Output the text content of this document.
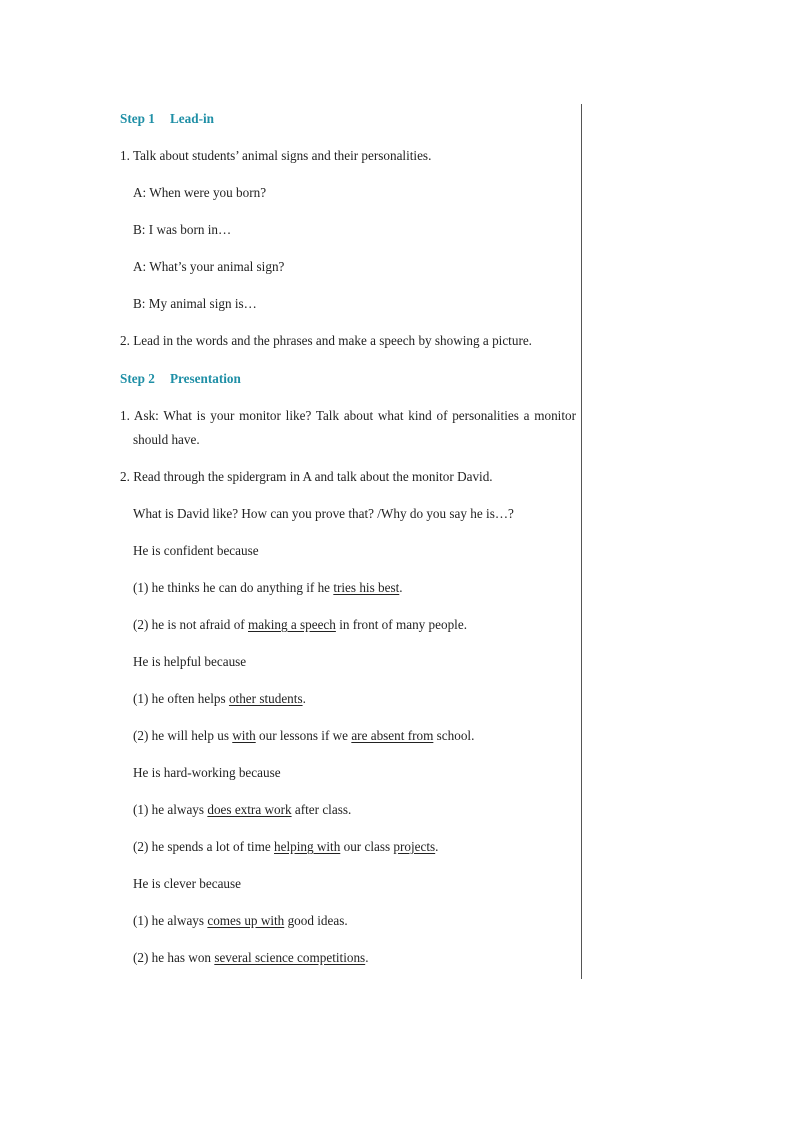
Step 1 Lead-in
1. Talk about students’ animal signs and their personalities.
A: When were you born?
B: I was born in…
A: What’s your animal sign?
B: My animal sign is…
2. Lead in the words and the phrases and make a speech by showing a picture.
Step 2 Presentation
1. Ask: What is your monitor like? Talk about what kind of personalities a monitor should have.
2. Read through the spidergram in A and talk about the monitor David.
What is David like? How can you prove that? /Why do you say he is…?
He is confident because
(1) he thinks he can do anything if he tries his best.
(2) he is not afraid of making a speech in front of many people.
He is helpful because
(1) he often helps other students.
(2) he will help us with our lessons if we are absent from school.
He is hard-working because
(1) he always does extra work after class.
(2) he spends a lot of time helping with our class projects.
He is clever because
(1) he always comes up with good ideas.
(2) he has won several science competitions.
